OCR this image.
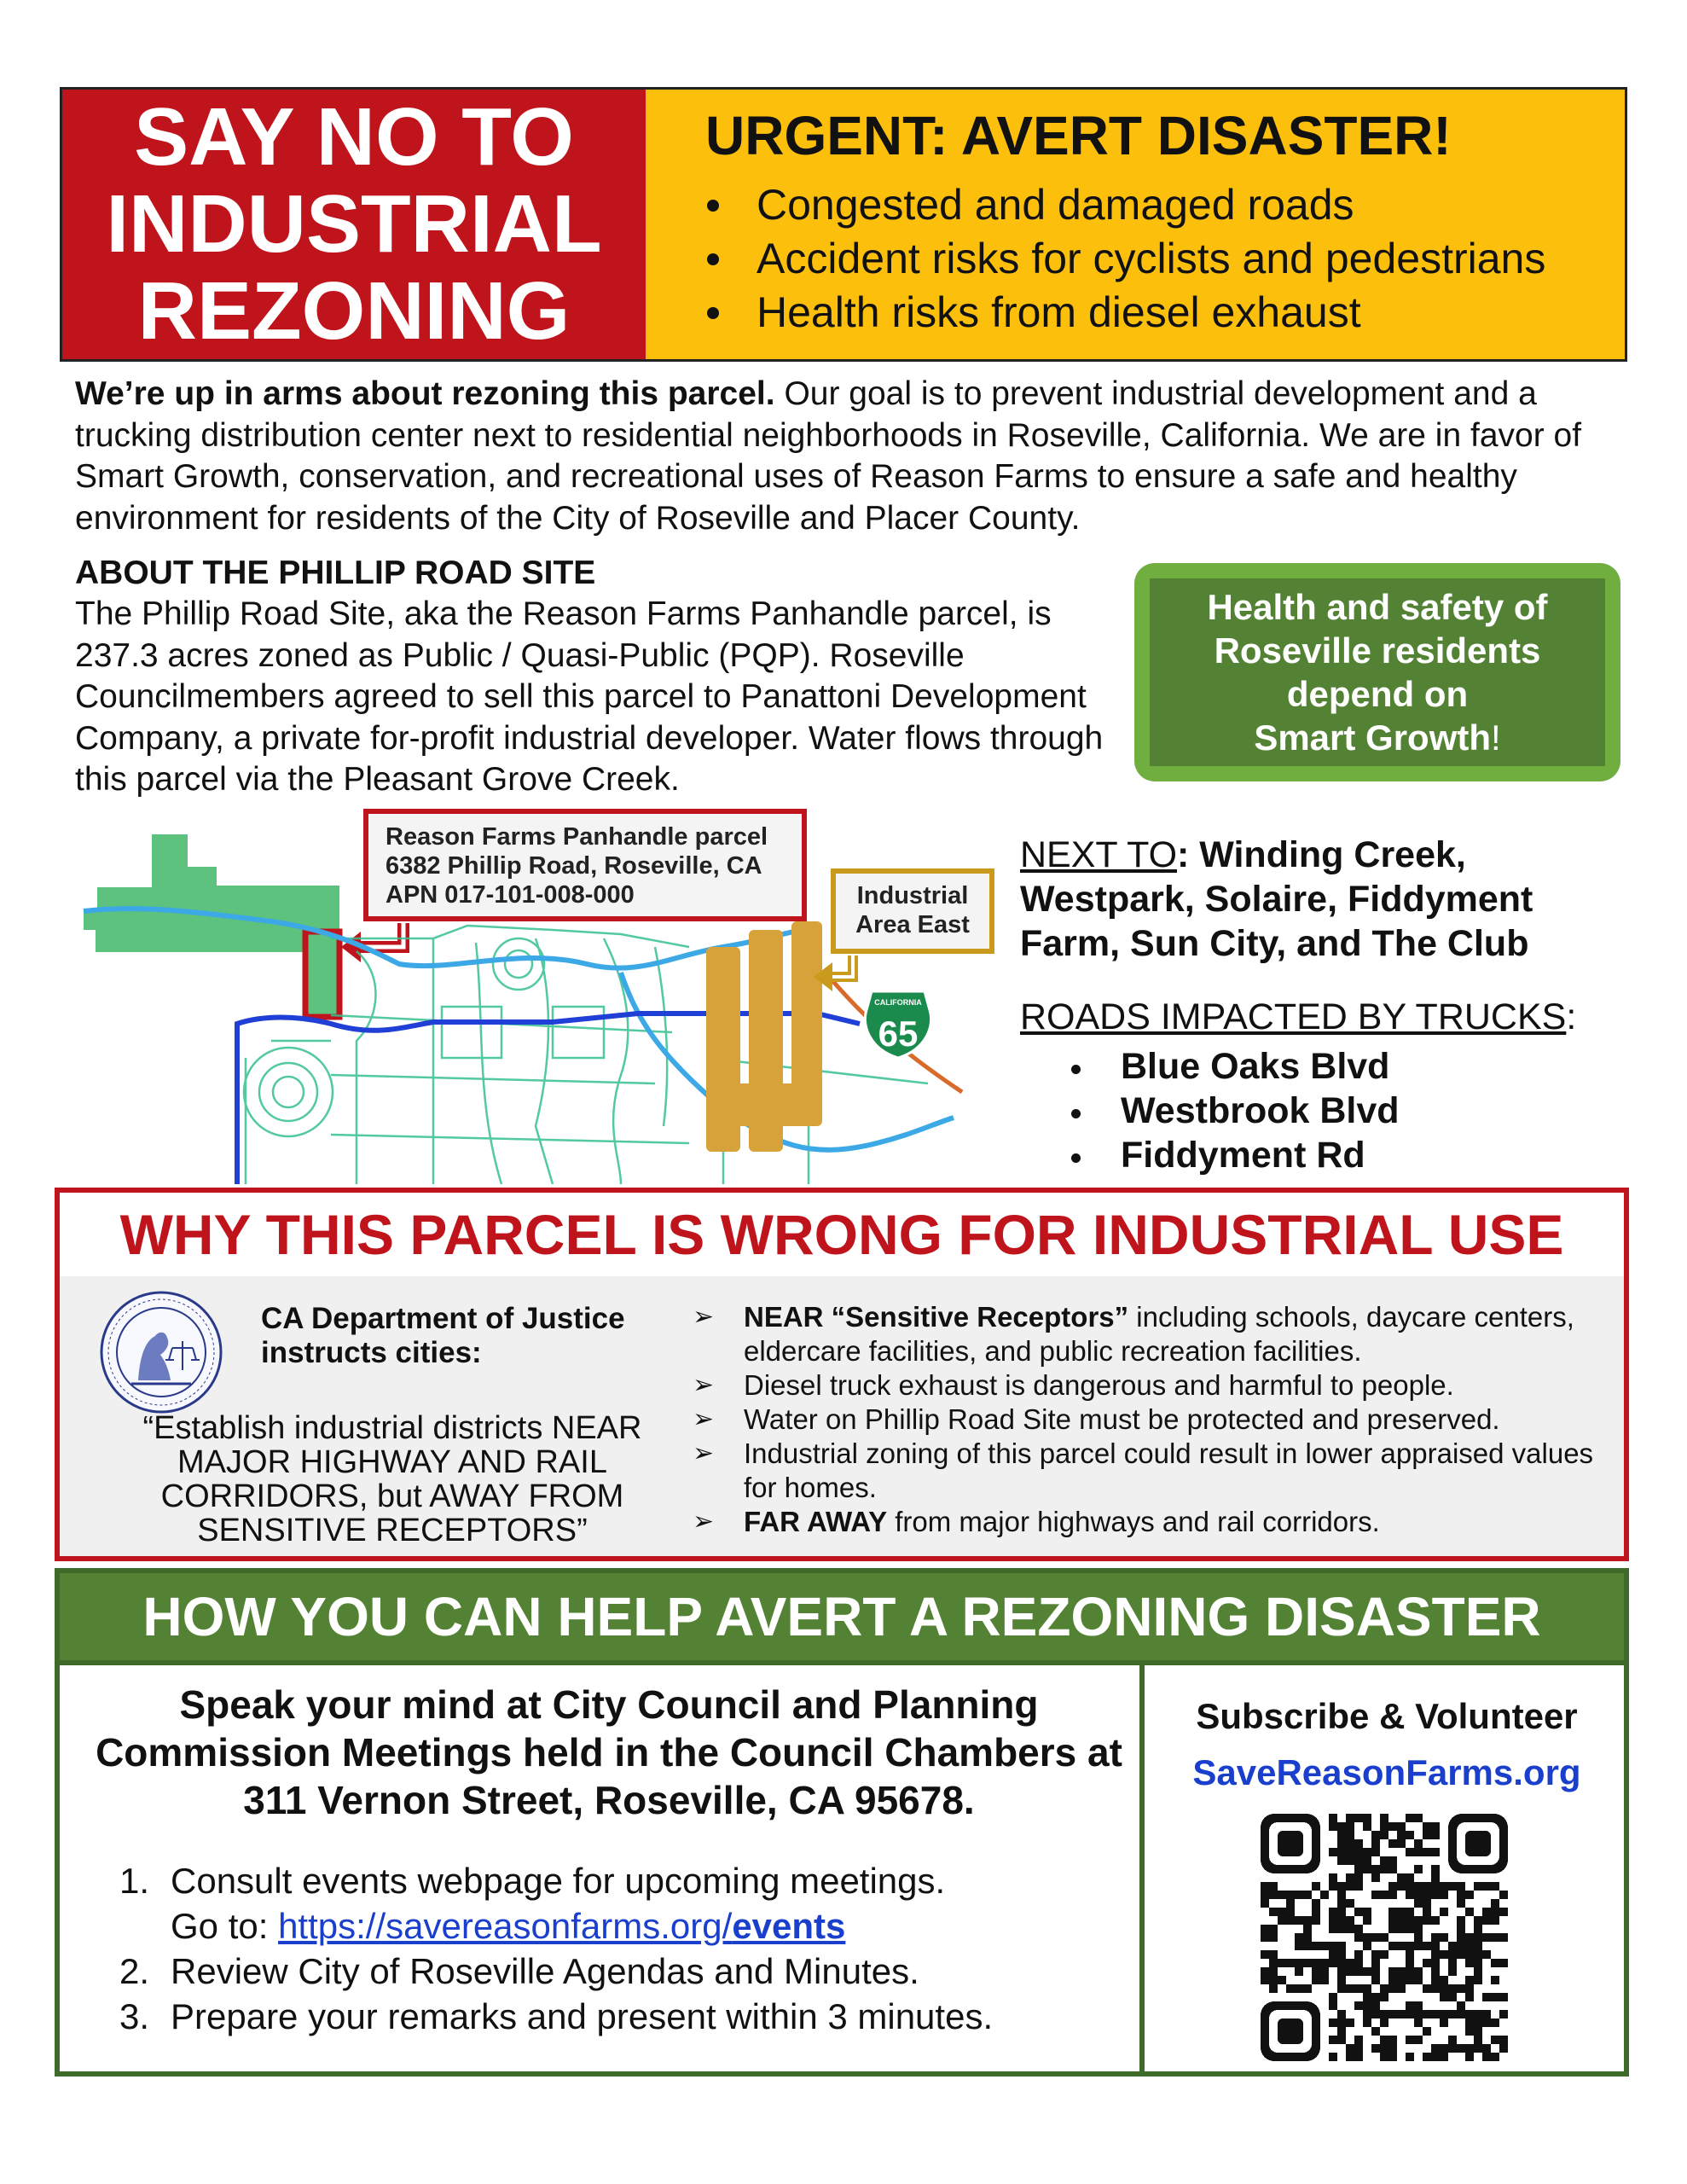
SAY NO TO
INDUSTRIAL
REZONING
URGENT: AVERT DISASTER!
Congested and damaged roads
Accident risks for cyclists and pedestrians
Health risks from diesel exhaust

We’re up in arms about rezoning this parcel. Our goal is to prevent industrial development and a trucking distribution center next to residential neighborhoods in Roseville, California. We are in favor of Smart Growth, conservation, and recreational uses of Reason Farms to ensure a safe and healthy environment for residents of the City of Roseville and Placer County.

ABOUT THE PHILLIP ROAD SITE

The Phillip Road Site, aka the Reason Farms Panhandle parcel, is 237.3 acres zoned as Public / Quasi-Public (PQP). Roseville Councilmembers agreed to sell this parcel to Panattoni Development Company, a private for-profit industrial developer. Water flows through this parcel via the Pleasant Grove Creek.

Health and safety of
Roseville residents
depend on
Smart Growth!
CALIFORNIA
65
Reason Farms Panhandle parcel
6382 Phillip Road, Roseville, CA
APN 017-101-008-000	Industrial
Area East
NEXT TO: Winding Creek, Westpark, Solaire, Fiddyment Farm, Sun City, and The Club
ROADS IMPACTED BY TRUCKS:
Blue Oaks Blvd
Westbrook Blvd
Fiddyment Rd
WHY THIS PARCEL IS WRONG FOR INDUSTRIAL USE
CA Department of Justice
instructs cities:
“Establish industrial districts NEAR MAJOR HIGHWAY AND RAIL CORRIDORS, but AWAY FROM SENSITIVE RECEPTORS”
➢ NEAR “Sensitive Receptors” including schools, daycare centers, eldercare facilities, and public recreation facilities.
➢ Diesel truck exhaust is dangerous and harmful to people.
➢ Water on Phillip Road Site must be protected and preserved.
➢ Industrial zoning of this parcel could result in lower appraised values for homes.
➢ FAR AWAY from major highways and rail corridors.
HOW YOU CAN HELP AVERT A REZONING DISASTER
Speak your mind at City Council and Planning Commission Meetings held in the Council Chambers at 311 Vernon Street, Roseville, CA 95678.
1. Consult events webpage for upcoming meetings.
Go to: https://savereasonfarms.org/events
2. Review City of Roseville Agendas and Minutes.
3. Prepare your remarks and present within 3 minutes.
Subscribe & Volunteer
SaveReasonFarms.org
